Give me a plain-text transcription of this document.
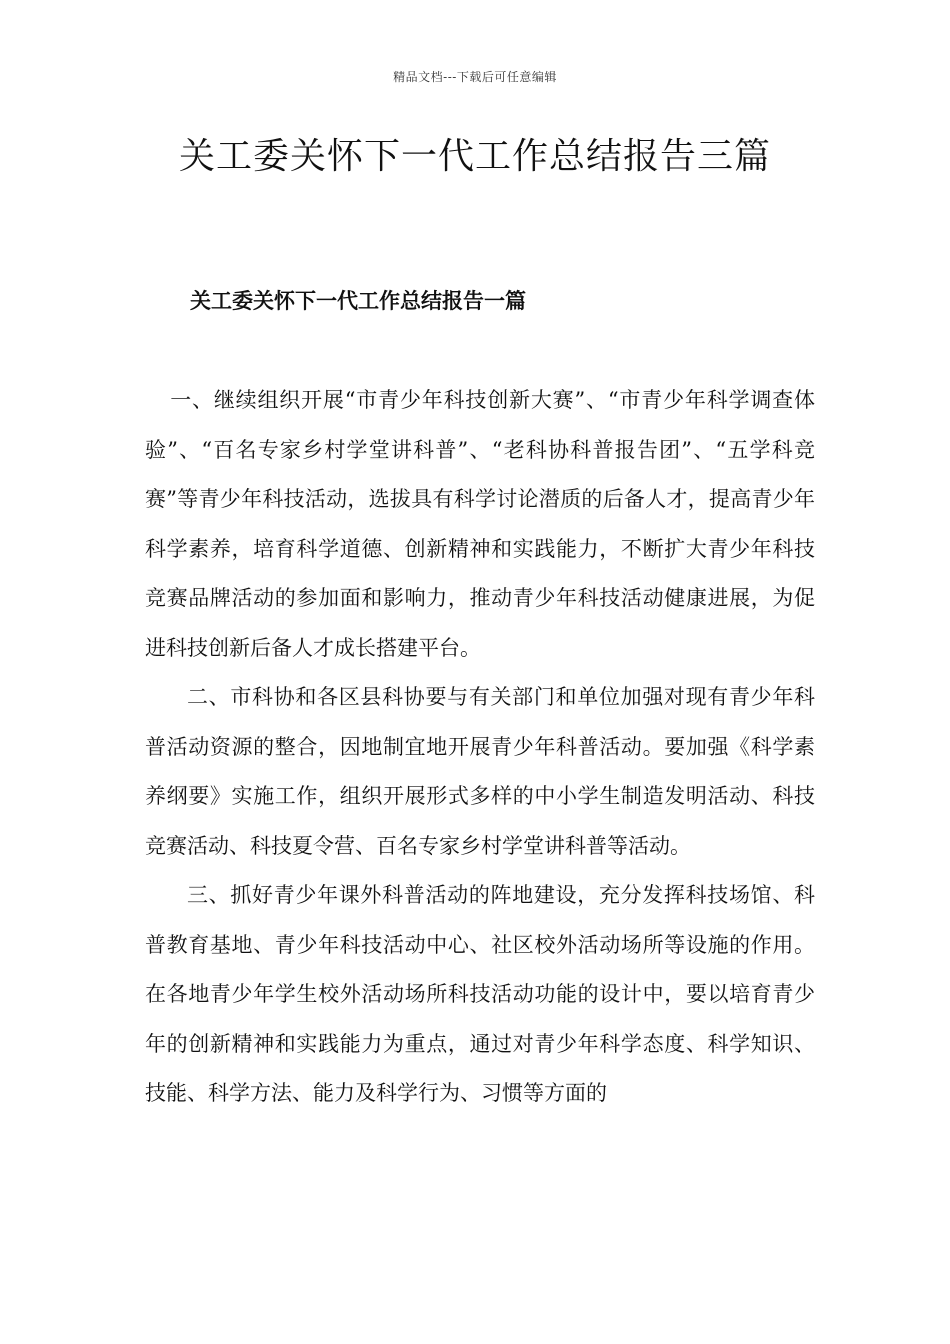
精品文档---下载后可任意编辑
关工委关怀下一代工作总结报告三篇
关工委关怀下一代工作总结报告一篇

一、继续组织开展“市青少年科技创新大赛”、“市青少年科学调查体验”、“百名专家乡村学堂讲科普”、“老科协科普报告团”、“五学科竞赛”等青少年科技活动，选拔具有科学讨论潜质的后备人才，提高青少年科学素养，培育科学道德、创新精神和实践能力，不断扩大青少年科技竞赛品牌活动的参加面和影响力，推动青少年科技活动健康进展，为促进科技创新后备人才成长搭建平台。

二、市科协和各区县科协要与有关部门和单位加强对现有青少年科普活动资源的整合，因地制宜地开展青少年科普活动。要加强《科学素养纲要》实施工作，组织开展形式多样的中小学生制造发明活动、科技竞赛活动、科技夏令营、百名专家乡村学堂讲科普等活动。

三、抓好青少年课外科普活动的阵地建设，充分发挥科技场馆、科普教育基地、青少年科技活动中心、社区校外活动场所等设施的作用。在各地青少年学生校外活动场所科技活动功能的设计中，要以培育青少年的创新精神和实践能力为重点，通过对青少年科学态度、科学知识、技能、科学方法、能力及科学行为、习惯等方面的
